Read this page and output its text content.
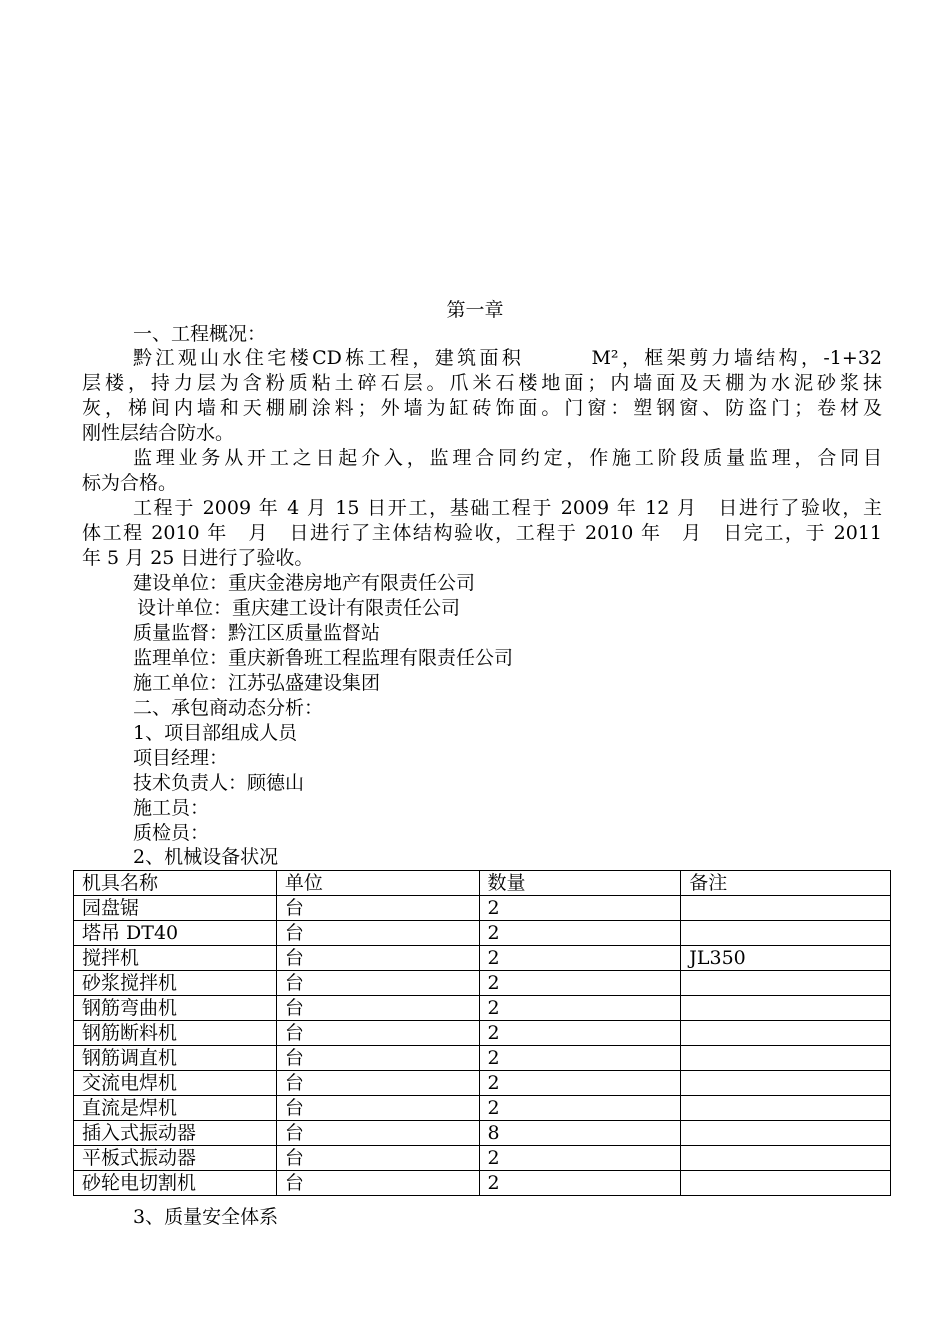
第一章
一、工程概况：
黔江观山水住宅楼CD栋工程，建筑面积　　　M²，框架剪力墙结构，-1+32
层楼，持力层为含粉质粘土碎石层。爪米石楼地面；内墙面及天棚为水泥砂浆抹
灰，梯间内墙和天棚刷涂料；外墙为缸砖饰面。门窗：塑钢窗、防盗门；卷材及
刚性层结合防水。
监理业务从开工之日起介入，监理合同约定，作施工阶段质量监理，合同目
标为合格。
工程于 2009 年 4 月 15 日开工，基础工程于 2009 年 12 月　日进行了验收，主
体工程 2010 年　月　日进行了主体结构验收，工程于 2010 年　月　日完工，于 2011
年 5 月 25 日进行了验收。
建设单位：重庆金港房地产有限责任公司
设计单位：重庆建工设计有限责任公司
质量监督：黔江区质量监督站
监理单位：重庆新鲁班工程监理有限责任公司
施工单位：江苏弘盛建设集团
二、承包商动态分析：
1、项目部组成人员
项目经理：
技术负责人：顾德山
施工员：
质检员：
2、机械设备状况
机具名称	单位	数量	备注
园盘锯	台	2	
塔吊 DT40	台	2	
搅拌机	台	2	JL350
砂浆搅拌机	台	2	
钢筋弯曲机	台	2	
钢筋断料机	台	2	
钢筋调直机	台	2	
交流电焊机	台	2	
直流是焊机	台	2	
插入式振动器	台	8	
平板式振动器	台	2	
砂轮电切割机	台	2	
3、质量安全体系
